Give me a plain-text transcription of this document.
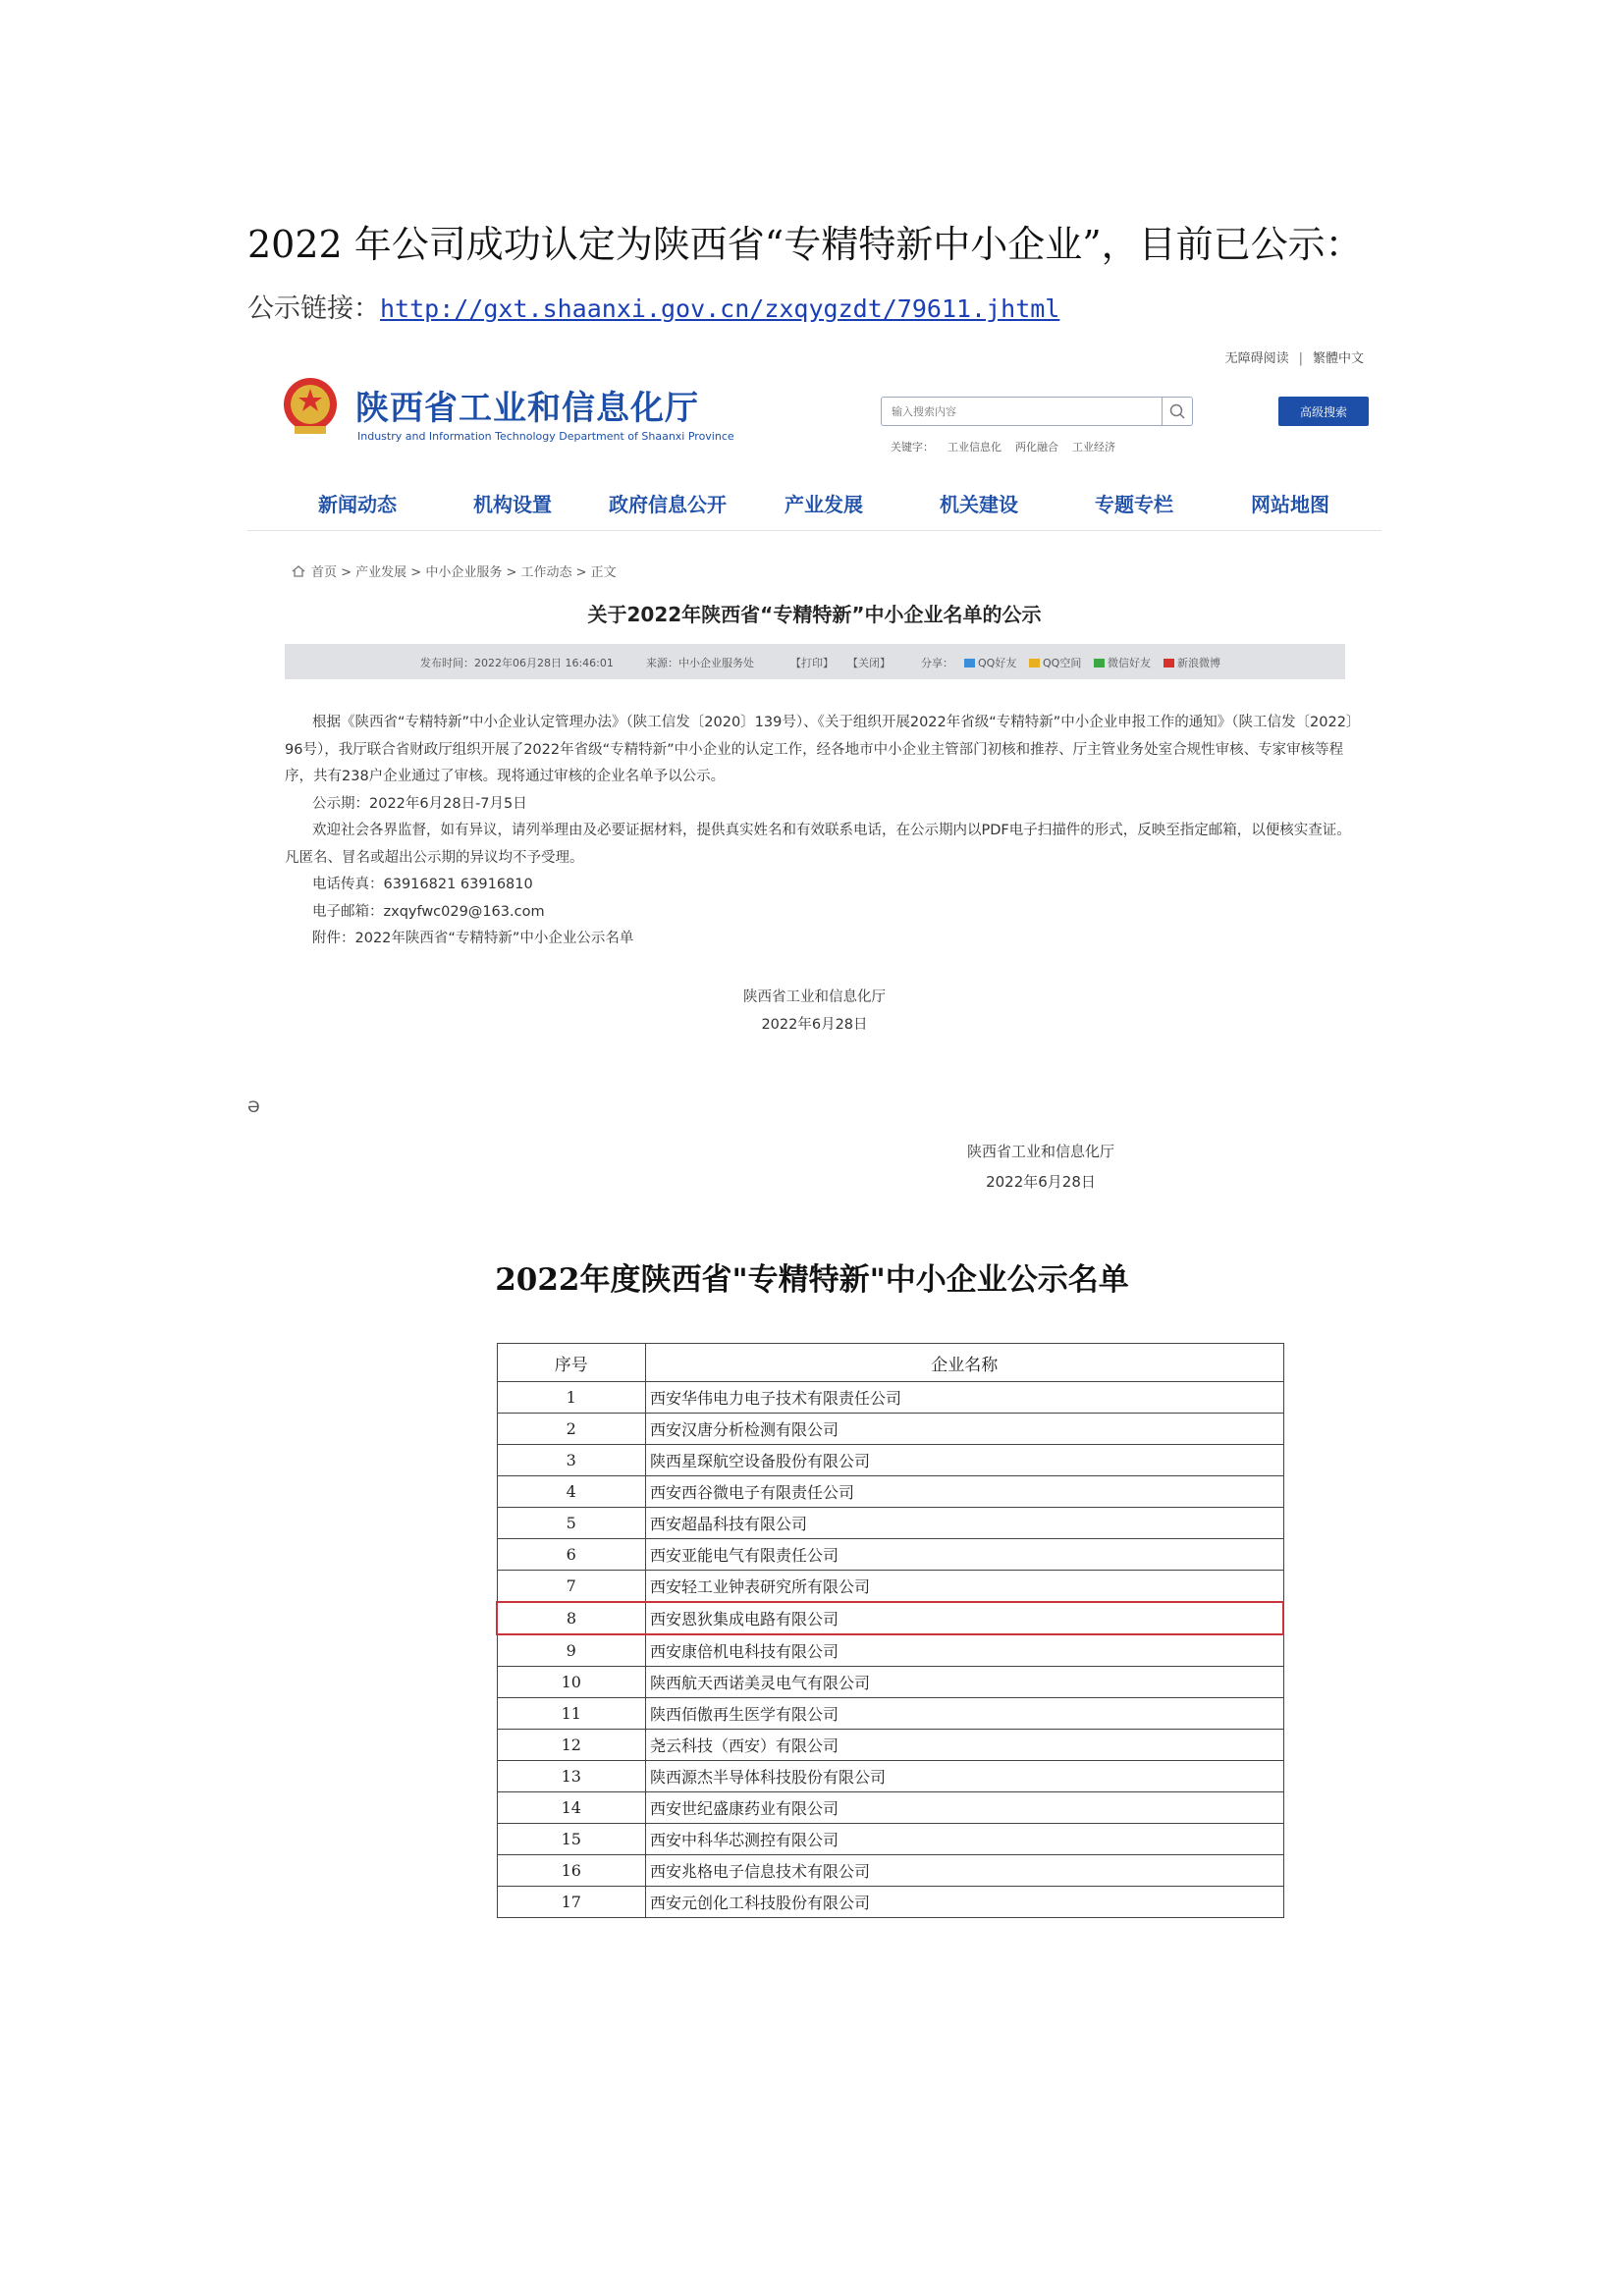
2022 年公司成功认定为陕西省“专精特新中小企业”，目前已公示：
公示链接：http://gxt.shaanxi.gov.cn/zxqygzdt/79611.jhtml
无障碍阅读 | 繁體中文
陕西省工业和信息化厅
Industry and Information Technology Department of Shaanxi Province
输入搜索内容
高级搜索
关键字： 工业信息化 两化融合 工业经济
新闻动态	机构设置	政府信息公开	产业发展	机关建设	专题专栏	网站地图
首页 > 产业发展 > 中小企业服务 > 工作动态 > 正文
关于2022年陕西省“专精特新”中小企业名单的公示
发布时间：2022年06月28日 16:46:01	来源：中小企业服务处	【打印】 【关闭】	分享：	QQ好友	QQ空间	微信好友	新浪微博

根据《陕西省“专精特新”中小企业认定管理办法》（陕工信发〔2020〕139号）、《关于组织开展2022年省级“专精特新”中小企业申报工作的通知》（陕工信发〔2022〕96号），我厅联合省财政厅组织开展了2022年省级“专精特新”中小企业的认定工作，经各地市中小企业主管部门初核和推荐、厅主管业务处室合规性审核、专家审核等程序，共有238户企业通过了审核。现将通过审核的企业名单予以公示。

公示期：2022年6月28日-7月5日

欢迎社会各界监督，如有异议，请列举理由及必要证据材料，提供真实姓名和有效联系电话，在公示期内以PDF电子扫描件的形式，反映至指定邮箱，以便核实查证。凡匿名、冒名或超出公示期的异议均不予受理。

电话传真：63916821 63916810

电子邮箱：zxqyfwc029@163.com

附件：2022年陕西省“专精特新”中小企业公示名单

陕西省工业和信息化厅
2022年6月28日
Ə
陕西省工业和信息化厅
2022年6月28日
2022年度陕西省"专精特新"中小企业公示名单
序号	企业名称
1	西安华伟电力电子技术有限责任公司
2	西安汉唐分析检测有限公司
3	陕西星琛航空设备股份有限公司
4	西安西谷微电子有限责任公司
5	西安超晶科技有限公司
6	西安亚能电气有限责任公司
7	西安轻工业钟表研究所有限公司
8	西安恩狄集成电路有限公司
9	西安康倍机电科技有限公司
10	陕西航天西诺美灵电气有限公司
11	陕西佰傲再生医学有限公司
12	尧云科技（西安）有限公司
13	陕西源杰半导体科技股份有限公司
14	西安世纪盛康药业有限公司
15	西安中科华芯测控有限公司
16	西安兆格电子信息技术有限公司
17	西安元创化工科技股份有限公司
